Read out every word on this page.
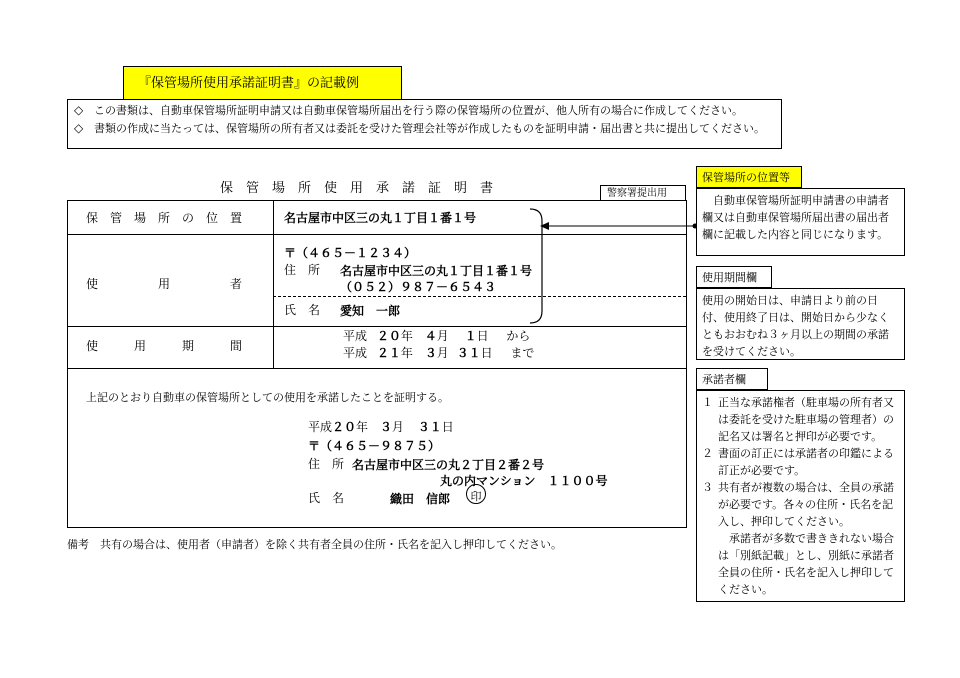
『保管場所使用承諾証明書』の記載例
◇ この書類は、自動車保管場所証明申請又は自動車保管場所届出を行う際の保管場所の位置が、他人所有の場合に作成してください。
◇ 書類の作成に当たっては、保管場所の所有者又は委託を受けた管理会社等が作成したものを証明申請・届出書と共に提出してください。
保　管　場　所　使　用　承　諾　証　明　書	警察署提出用
保　管　場　所　の　位　置	名古屋市中区三の丸１丁目１番１号
使　　　　　用　　　　　者
〒（４６５－１２３４）
住　所 名古屋市中区三の丸１丁目１番１号
（０５２）９８７－６５４３
氏　名 愛知　一郎
使　　　用　　　期　　　間
平成 ２０年 ４月 １日 から
平成 ２１年 ３月 ３１日 まで
上記のとおり自動車の保管場所としての使用を承諾したことを証明する。
平成２０年 ３月 ３１日
〒（４６５－９８７５）
住　所 名古屋市中区三の丸２丁目２番２号
丸の内マンション　１１００号
氏　名	織田　信郎	印
備考　共有の場合は、使用者（申請者）を除く共有者全員の住所・氏名を記入し押印してください。
保管場所の位置等

　自動車保管場所証明申請書の申請者欄又は自動車保管場所届出書の届出者欄に記載した内容と同じになります。

使用期間欄

使用の開始日は、申請日より前の日付、使用終了日は、開始日から少なくともおおむね３ヶ月以上の期間の承諾を受けてください。

承諾者欄
１ 正当な承諾権者（駐車場の所有者又は委託を受けた駐車場の管理者）の記名又は署名と押印が必要です。
２ 書面の訂正には承諾者の印鑑による訂正が必要です。
３ 共有者が複数の場合は、全員の承諾が必要です。各々の住所・氏名を記入し、押印してください。
　承諾者が多数で書ききれない場合は「別紙記載」とし、別紙に承諾者全員の住所・氏名を記入し押印してください。
